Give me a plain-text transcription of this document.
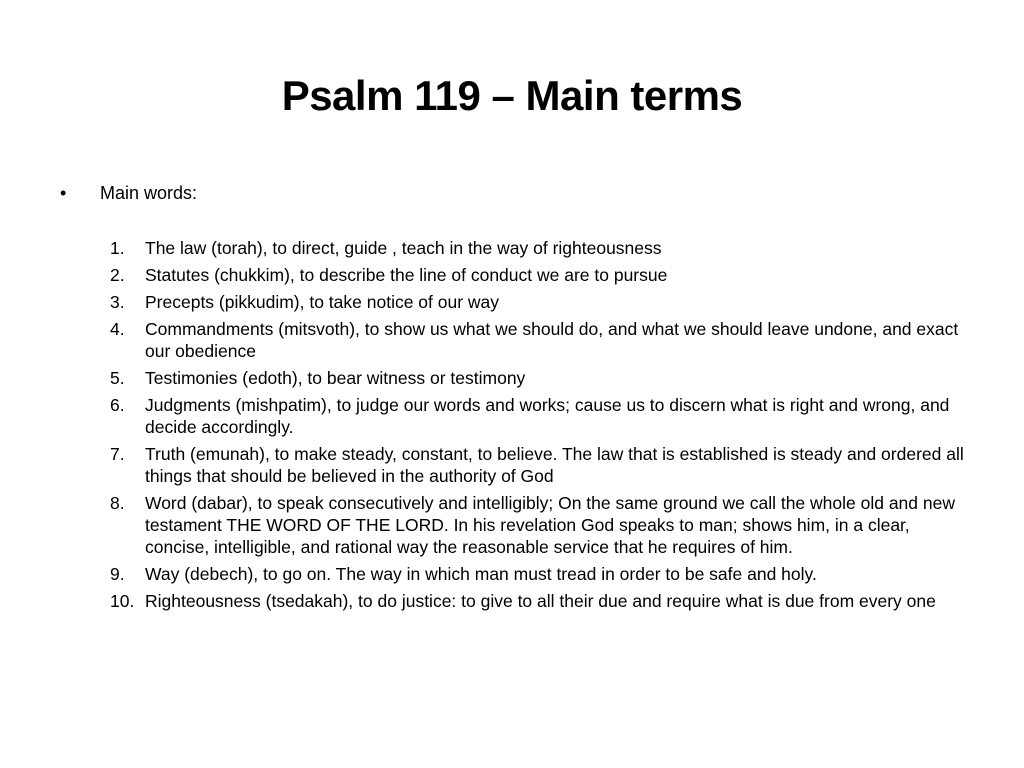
Psalm 119 – Main terms
• Main words:
1.	The law (torah), to direct, guide , teach in the way of righteousness
2.	Statutes (chukkim), to describe the line of conduct we are to pursue
3.	Precepts (pikkudim), to take notice of our way
4.	Commandments (mitsvoth), to show us what we should do, and what we should leave undone, and exact our obedience
5.	Testimonies (edoth), to bear witness or testimony
6.	Judgments (mishpatim), to judge our words and works; cause us to discern what is right and wrong, and decide accordingly.
7.	Truth (emunah), to make steady, constant, to believe. The law that is established is steady and ordered all things that should be believed in the authority of God
8.	Word (dabar), to speak consecutively and intelligibly; On the same ground we call the whole old and new testament THE WORD OF THE LORD. In his revelation God speaks to man; shows him, in a clear, concise, intelligible, and rational way the reasonable service that he requires of him.
9.	Way (debech), to go on. The way in which man must tread in order to be safe and holy.
10. Righteousness (tsedakah), to do justice: to give to all their due and require what is due from every one
